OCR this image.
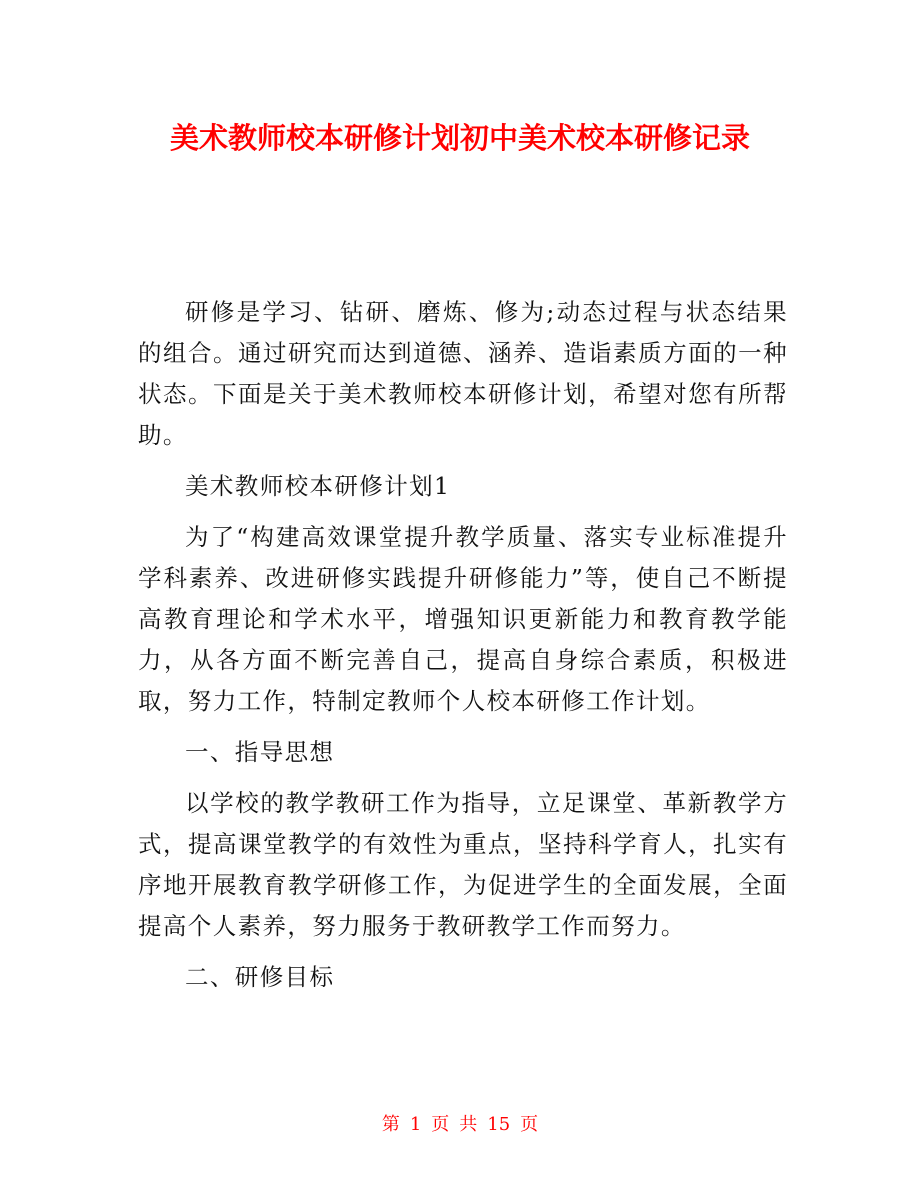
美术教师校本研修计划初中美术校本研修记录

研修是学习、钻研、磨炼、修为;动态过程与状态结果的组合。通过研究而达到道德、涵养、造诣素质方面的一种状态。下面是关于美术教师校本研修计划，希望对您有所帮助。

美术教师校本研修计划1

为了“构建高效课堂提升教学质量、落实专业标准提升学科素养、改进研修实践提升研修能力”等，使自己不断提高教育理论和学术水平，增强知识更新能力和教育教学能力，从各方面不断完善自己，提高自身综合素质，积极进取，努力工作，特制定教师个人校本研修工作计划。

一、指导思想

以学校的教学教研工作为指导，立足课堂、革新教学方式，提高课堂教学的有效性为重点，坚持科学育人，扎实有序地开展教育教学研修工作，为促进学生的全面发展，全面提高个人素养，努力服务于教研教学工作而努力。

二、研修目标

第 1 页 共 15 页
